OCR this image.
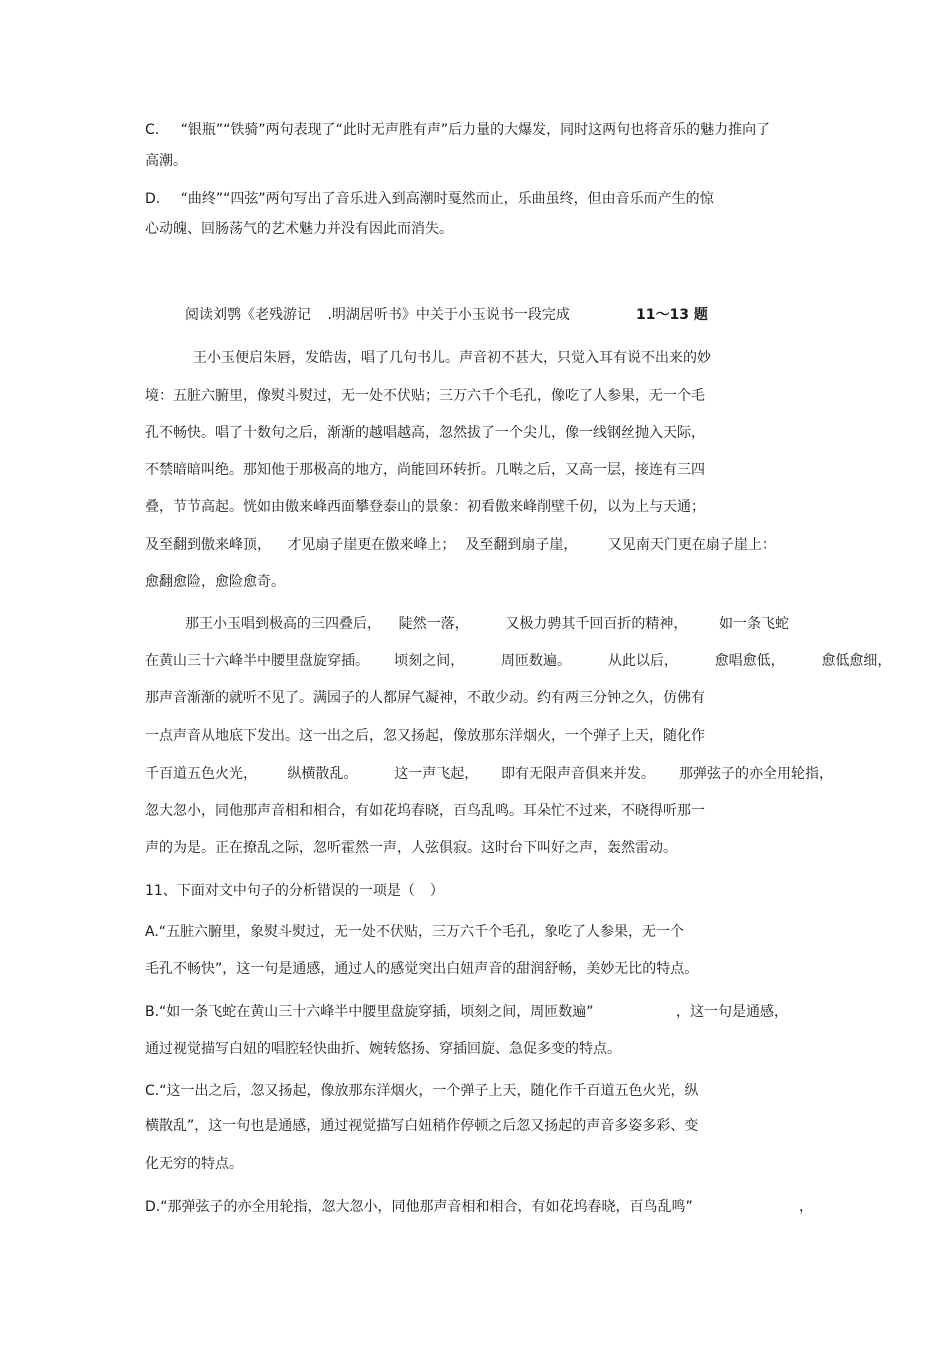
C.	“银瓶”“铁骑”两句表现了“此时无声胜有声”后力量的大爆发，同时这两句也将音乐的魅力推向了
高潮。
D.	“曲终”“四弦”两句写出了音乐进入到高潮时戛然而止，乐曲虽终，但由音乐而产生的惊
心动魄、回肠荡气的艺术魅力并没有因此而消失。
阅读刘鹗《老残游记	.明湖居听书》中关于小玉说书一段完成	11～13 题
王小玉便启朱唇，发皓齿，唱了几句书儿。声音初不甚大，只觉入耳有说不出来的妙
境：五脏六腑里，像熨斗熨过，无一处不伏贴；三万六千个毛孔，像吃了人参果，无一个毛
孔不畅快。唱了十数句之后，渐渐的越唱越高，忽然拔了一个尖儿，像一线钢丝抛入天际，
不禁暗暗叫绝。那知他于那极高的地方，尚能回环转折。几啭之后，又高一层，接连有三四
叠，节节高起。恍如由傲来峰西面攀登泰山的景象：初看傲来峰削壁千仞，以为上与天通；
及至翻到傲来峰顶，	才见扇子崖更在傲来峰上；	及至翻到扇子崖，	又见南天门更在扇子崖上：
愈翻愈险，愈险愈奇。
那王小玉唱到极高的三四叠后，	陡然一落，	又极力骋其千回百折的精神，	如一条飞蛇
在黄山三十六峰半中腰里盘旋穿插。	顷刻之间，	周匝数遍。	从此以后，	愈唱愈低，	愈低愈细，
那声音渐渐的就听不见了。满园子的人都屏气凝神，不敢少动。约有两三分钟之久，仿佛有
一点声音从地底下发出。这一出之后，忽又扬起，像放那东洋烟火，一个弹子上天，随化作
千百道五色火光，	纵横散乱。	这一声飞起，	即有无限声音俱来并发。	那弹弦子的亦全用轮指，
忽大忽小，同他那声音相和相合，有如花坞春晓，百鸟乱鸣。耳朵忙不过来，不晓得听那一
声的为是。正在撩乱之际，忽听霍然一声，人弦俱寂。这时台下叫好之声，轰然雷动。
11、下面对文中句子的分析错误的一项是（	）
A.“五脏六腑里，象熨斗熨过，无一处不伏贴，三万六千个毛孔，象吃了人参果，无一个
毛孔不畅快”，这一句是通感，通过人的感觉突出白妞声音的甜润舒畅，美妙无比的特点。
B.“如一条飞蛇在黄山三十六峰半中腰里盘旋穿插，顷刻之间，周匝数遍”	，这一句是通感，
通过视觉描写白妞的唱腔轻快曲折、婉转悠扬、穿插回旋、急促多变的特点。
C.“这一出之后，忽又扬起，像放那东洋烟火，一个弹子上天，随化作千百道五色火光，纵
横散乱”，这一句也是通感，通过视觉描写白妞稍作停顿之后忽又扬起的声音多姿多彩、变
化无穷的特点。
D.“那弹弦子的亦全用轮指，忽大忽小，同他那声音相和相合，有如花坞春晓，百鸟乱鸣”	，
